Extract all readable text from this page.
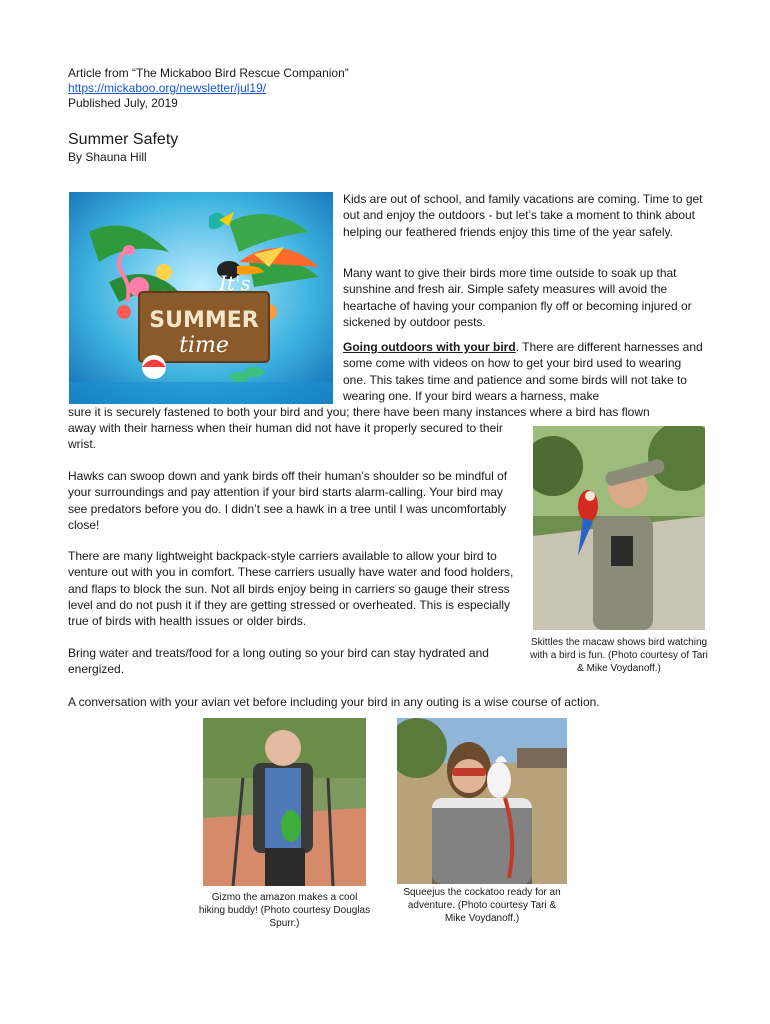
Article from “The Mickaboo Bird Rescue Companion”
https://mickaboo.org/newsletter/jul19/
Published July, 2019
Summer Safety
By Shauna Hill
It's
SUMMER
time
Kids are out of school, and family vacations are coming. Time to get out and enjoy the outdoors - but let’s take a moment to think about helping our feathered friends enjoy this time of the year safely.
Many want to give their birds more time outside to soak up that sunshine and fresh air. Simple safety measures will avoid the heartache of having your companion fly off or becoming injured or sickened by outdoor pests.
Going outdoors with your bird. There are different harnesses and some come with videos on how to get your bird used to wearing one. This takes time and patience and some birds will not take to wearing one. If your bird wears a harness, make
sure it is securely fastened to both your bird and you; there have been many instances where a bird has flown
away with their harness when their human did not have it properly secured to their wrist.
Skittles the macaw shows bird watching with a bird is fun. (Photo courtesy of Tari & Mike Voydanoff.)
Hawks can swoop down and yank birds off their human’s shoulder so be mindful of your surroundings and pay attention if your bird starts alarm-calling. Your bird may see predators before you do. I didn’t see a hawk in a tree until I was uncomfortably close!
There are many lightweight backpack-style carriers available to allow your bird to venture out with you in comfort. These carriers usually have water and food holders, and flaps to block the sun. Not all birds enjoy being in carriers so gauge their stress level and do not push it if they are getting stressed or overheated. This is especially true of birds with health issues or older birds.
Bring water and treats/food for a long outing so your bird can stay hydrated and energized.
A conversation with your avian vet before including your bird in any outing is a wise course of action.
Gizmo the amazon makes a cool hiking buddy! (Photo courtesy Douglas Spurr.)
Squeejus the cockatoo ready for an adventure. (Photo courtesy Tari & Mike Voydanoff.)
